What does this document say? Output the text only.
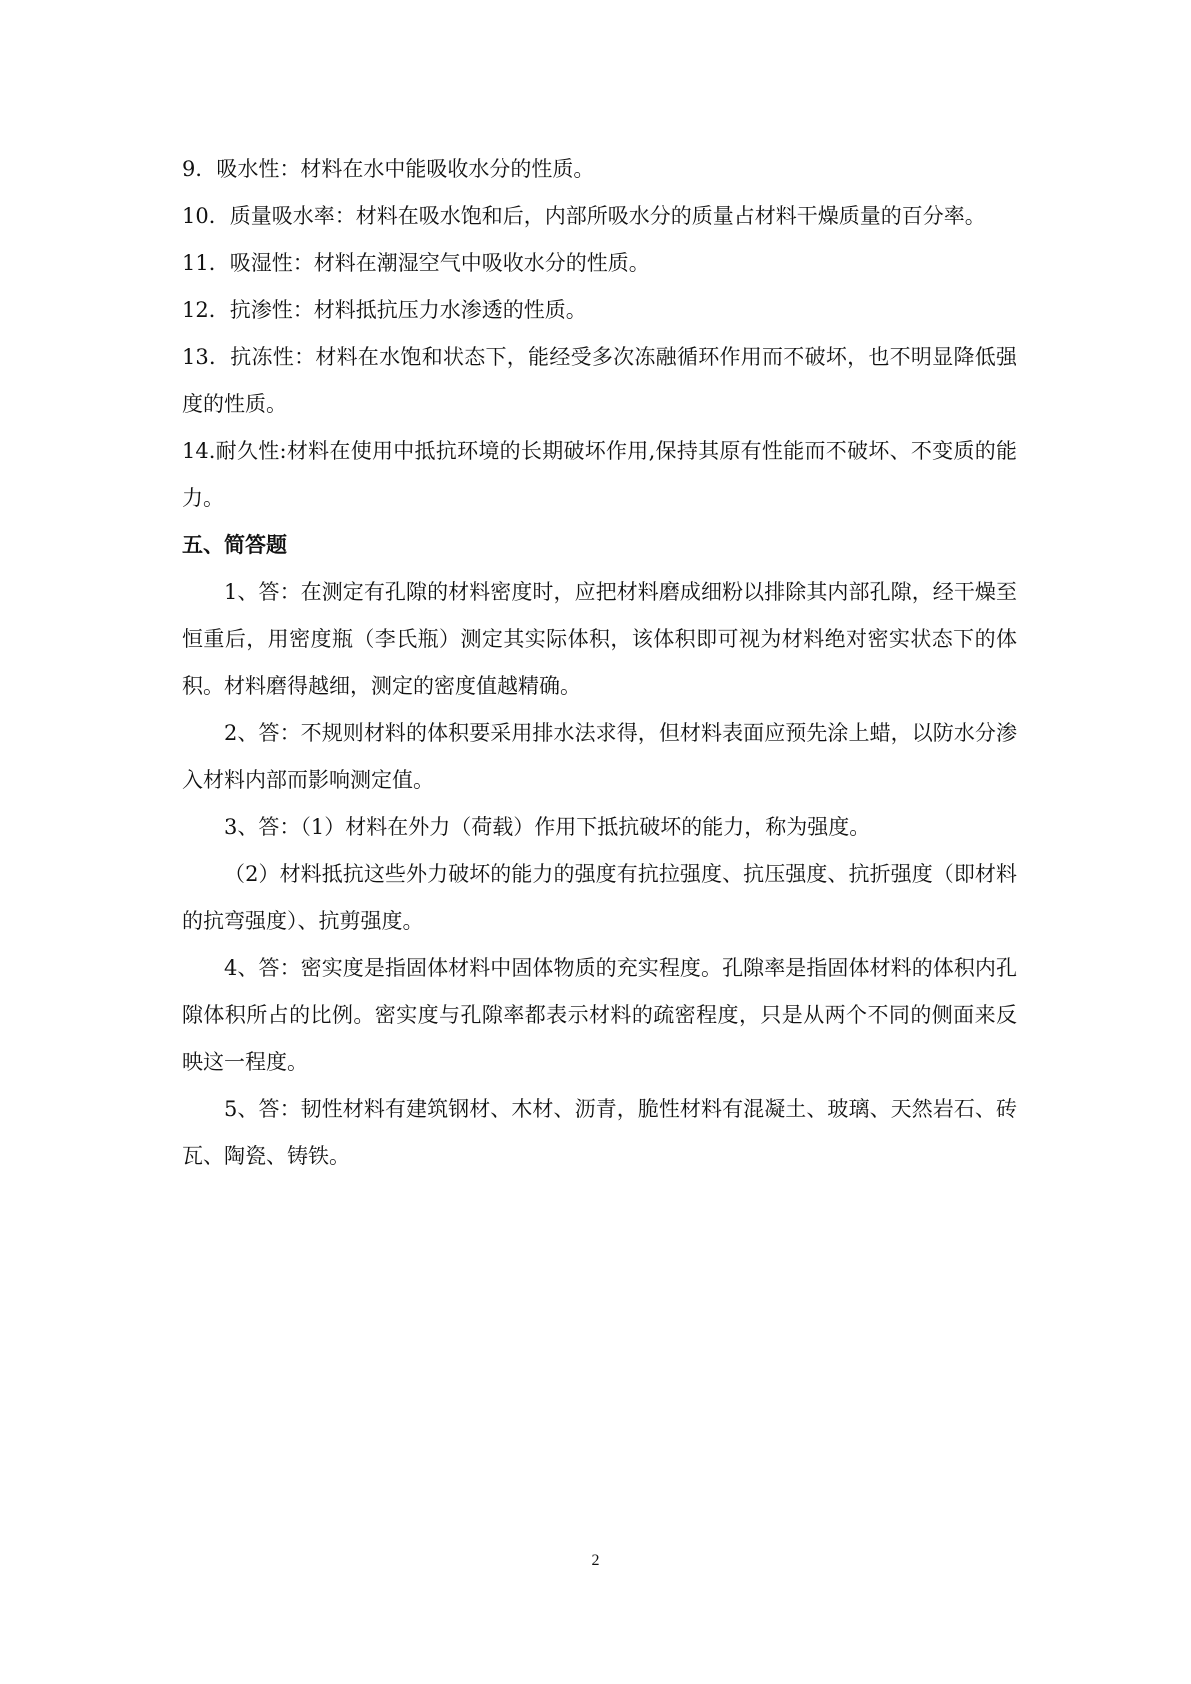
9．吸水性：材料在水中能吸收水分的性质。

10．质量吸水率：材料在吸水饱和后，内部所吸水分的质量占材料干燥质量的百分率。

11．吸湿性：材料在潮湿空气中吸收水分的性质。

12．抗渗性：材料抵抗压力水渗透的性质。

13．抗冻性：材料在水饱和状态下，能经受多次冻融循环作用而不破坏，也不明显降低强度的性质。

14.耐久性:材料在使用中抵抗环境的长期破坏作用,保持其原有性能而不破坏、不变质的能力。

五、简答题

1、答：在测定有孔隙的材料密度时，应把材料磨成细粉以排除其内部孔隙，经干燥至恒重后，用密度瓶（李氏瓶）测定其实际体积，该体积即可视为材料绝对密实状态下的体积。材料磨得越细，测定的密度值越精确。

2、答：不规则材料的体积要采用排水法求得，但材料表面应预先涂上蜡，以防水分渗入材料内部而影响测定值。

3、答：（1）材料在外力（荷载）作用下抵抗破坏的能力，称为强度。

（2）材料抵抗这些外力破坏的能力的强度有抗拉强度、抗压强度、抗折强度（即材料的抗弯强度）、抗剪强度。

4、答：密实度是指固体材料中固体物质的充实程度。孔隙率是指固体材料的体积内孔隙体积所占的比例。密实度与孔隙率都表示材料的疏密程度，只是从两个不同的侧面来反映这一程度。

5、答：韧性材料有建筑钢材、木材、沥青，脆性材料有混凝土、玻璃、天然岩石、砖瓦、陶瓷、铸铁。

2
